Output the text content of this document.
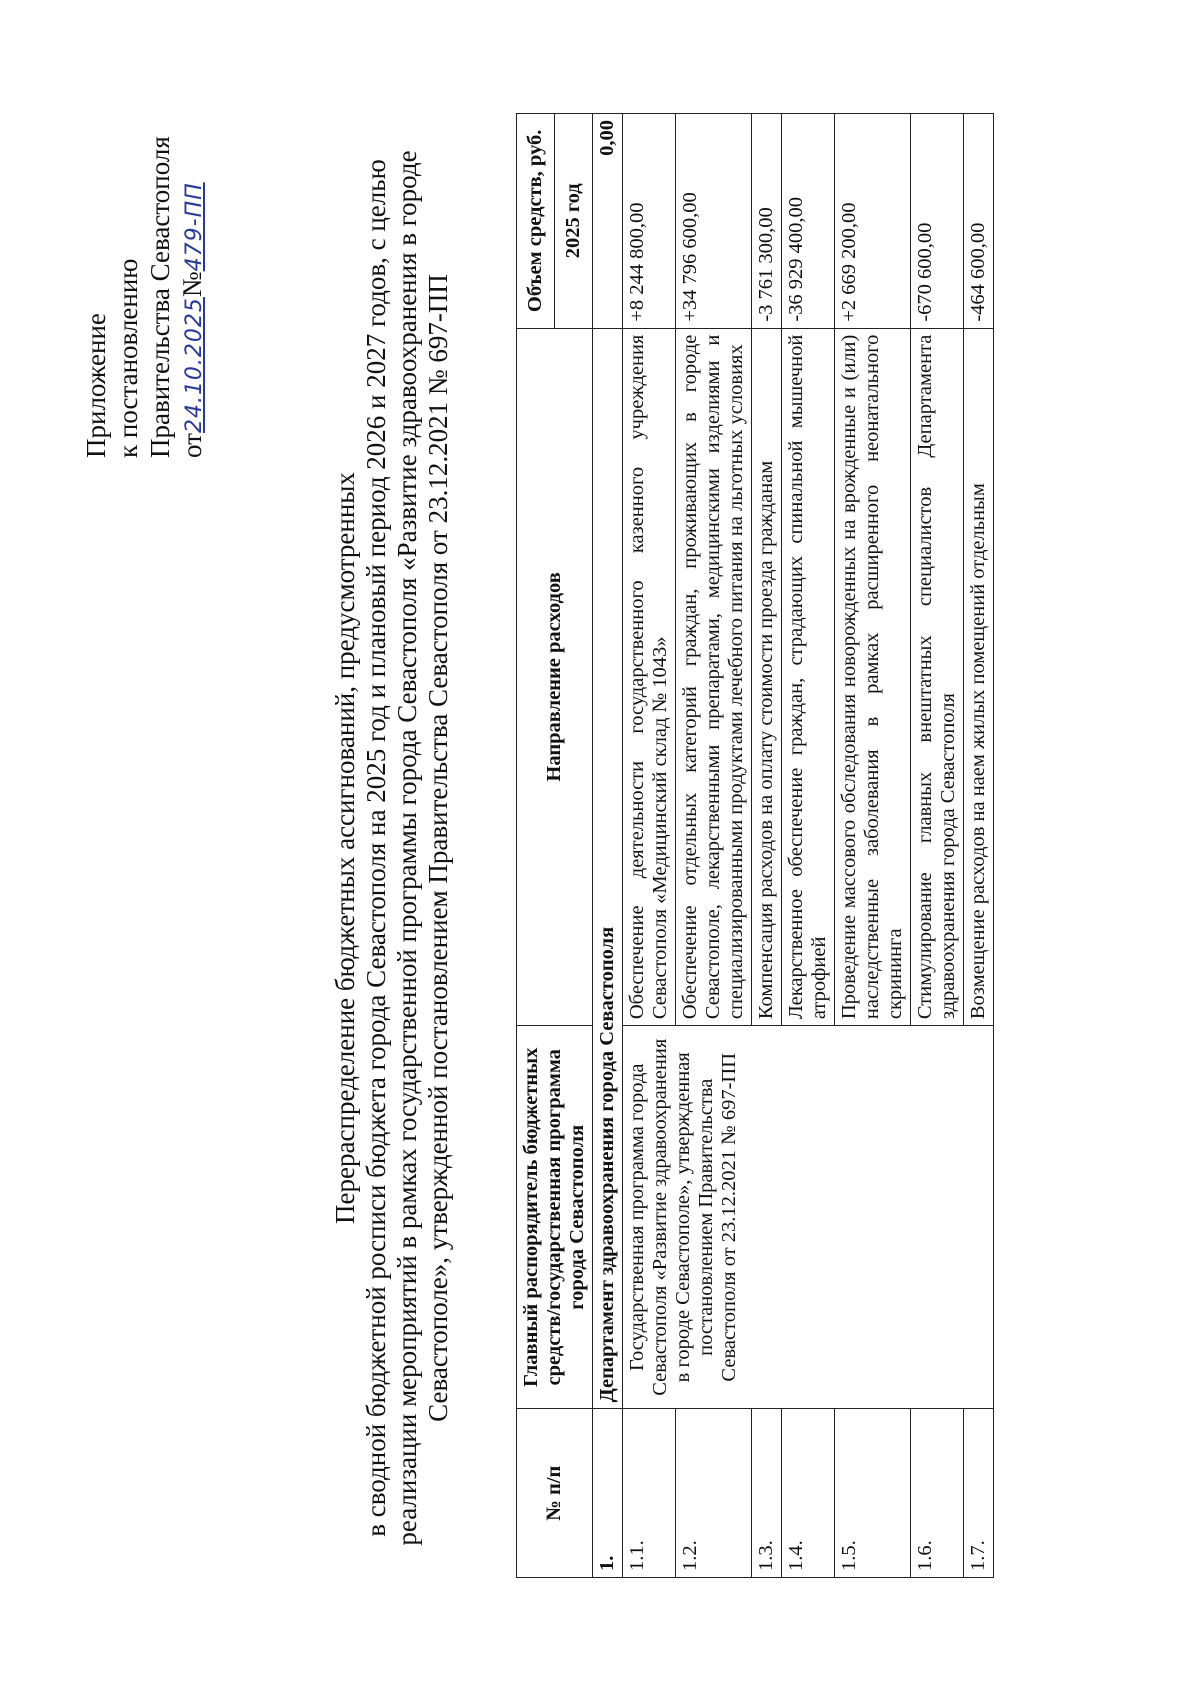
Приложение к постановлению Правительства Севастополя от24.10.2025№479-ПП

Перераспределение бюджетных ассигнований, предусмотренных в сводной бюджетной росписи бюджета города Севастополя на 2025 год и плановый период 2026 и 2027 годов, с целью реализации мероприятий в рамках государственной программы города Севастополя «Развитие здравоохранения в городе Севастополе», утвержденной постановлением Правительства Севастополя от 23.12.2021 № 697-ПП

№ п/п	Главный распорядитель бюджетных средств/государственная программа города Севастополя	Направление расходов	Объем средств, руб.
			2025 год
1.	Департамент здравоохранения города Севастополя		0,00
1.1.	Государственная программа города Севастополя «Развитие здравоохранения в городе Севастополе», утвержденная постановлением Правительства Севастополя от 23.12.2021 № 697-ПП	Обеспечение деятельности государственного казенного учреждения Севастополя «Медицинский склад № 1043»	+8 244 800,00
1.2.		Обеспечение отдельных категорий граждан, проживающих в городе Севастополе, лекарственными препаратами, медицинскими изделиями и специализированными продуктами лечебного питания на льготных условиях	+34 796 600,00
1.3.		Компенсация расходов на оплату стоимости проезда гражданам	-3 761 300,00
1.4.		Лекарственное обеспечение граждан, страдающих спинальной мышечной атрофией	-36 929 400,00
1.5.		Проведение массового обследования новорожденных на врожденные и (или) наследственные заболевания в рамках расширенного неонатального скрининга	+2 669 200,00
1.6.		Стимулирование главных внештатных специалистов Департамента здравоохранения города Севастополя	-670 600,00
1.7.		Возмещение расходов на наем жилых помещений отдельным	-464 600,00
